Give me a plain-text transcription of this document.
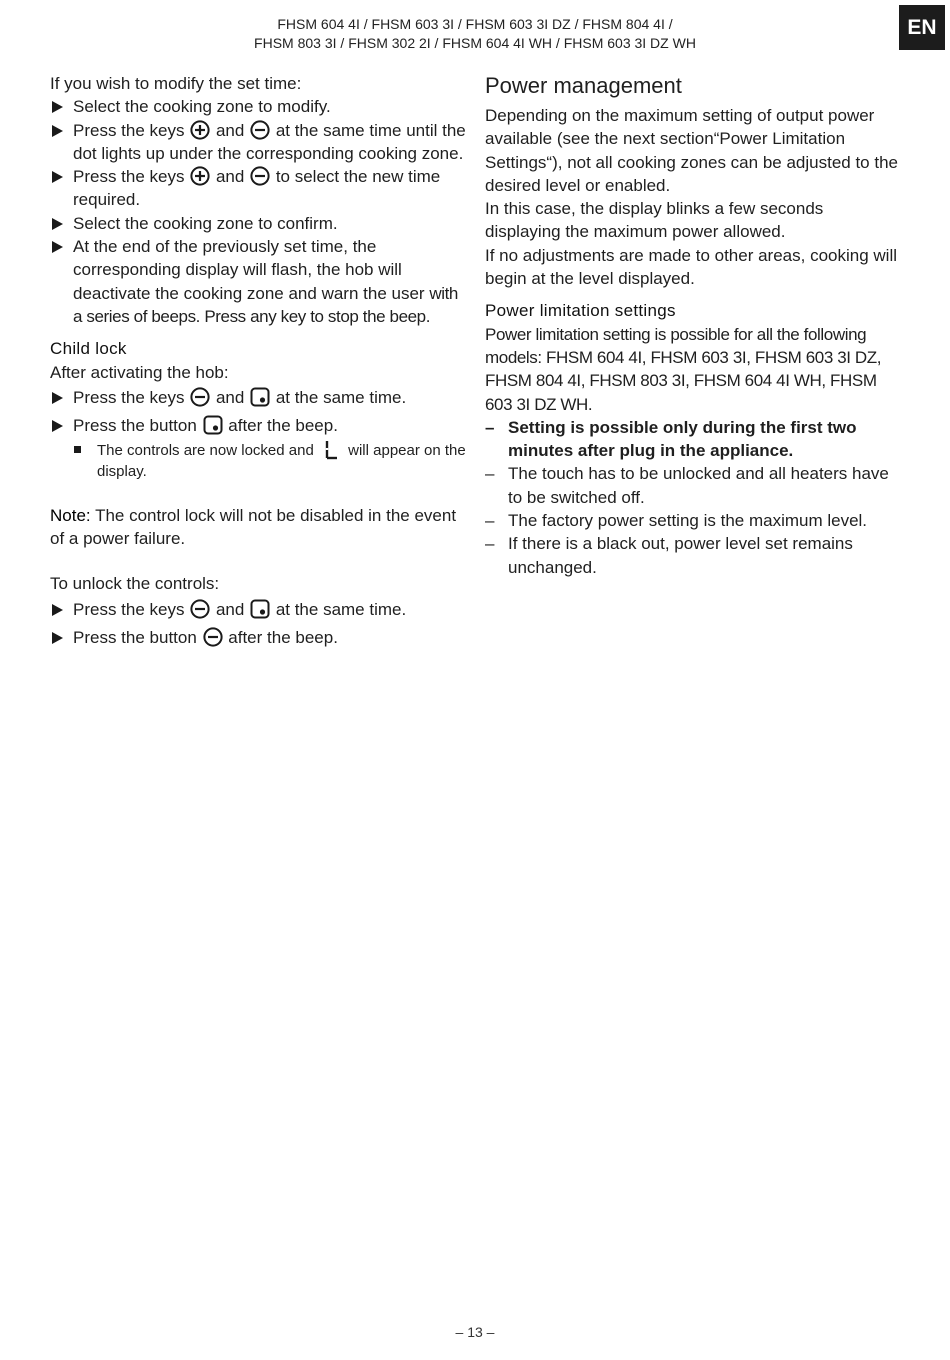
FHSM 604 4I / FHSM 603 3I / FHSM 603 3I DZ / FHSM 804 4I /
FHSM 803 3I / FHSM 302 2I / FHSM 604 4I WH / FHSM 603 3I DZ WH
EN

If you wish to modify the set time:

Select the cooking zone to modify.
Press the keys and at the same time until the dot lights up under the corresponding cooking zone.
Press the keys and to select the new time required.
Select the cooking zone to confirm.
At the end of the previously set time, the corresponding display will flash, the hob will deactivate the cooking zone and warn the user with a series of beeps. Press any key to stop the beep.
Child lock

After activating the hob:

Press the keys and at the same time.
Press the button after the beep.
The controls are now locked and will appear on the display.

Note: The control lock will not be disabled in the event of a power failure.

To unlock the controls:

Press the keys and at the same time.
Press the button after the beep.
Power management

Depending on the maximum setting of output power available (see the next section“Power Limitation Settings“), not all cooking zones can be adjusted to the desired level or enabled.

In this case, the display blinks a few seconds displaying the maximum power allowed.

If no adjustments are made to other areas, cooking will begin at the level displayed.

Power limitation settings

Power limitation setting is possible for all the following models: FHSM 604 4I, FHSM 603 3I, FHSM 603 3I DZ, FHSM 804 4I, FHSM 803 3I, FHSM 604 4I WH, FHSM 603 3I DZ WH.

– Setting is possible only during the first two minutes after plug in the appliance.
– The touch has to be unlocked and all heaters have to be switched off.
– The factory power setting is the maximum level.
– If there is a black out, power level set remains unchanged.
– 13 –
